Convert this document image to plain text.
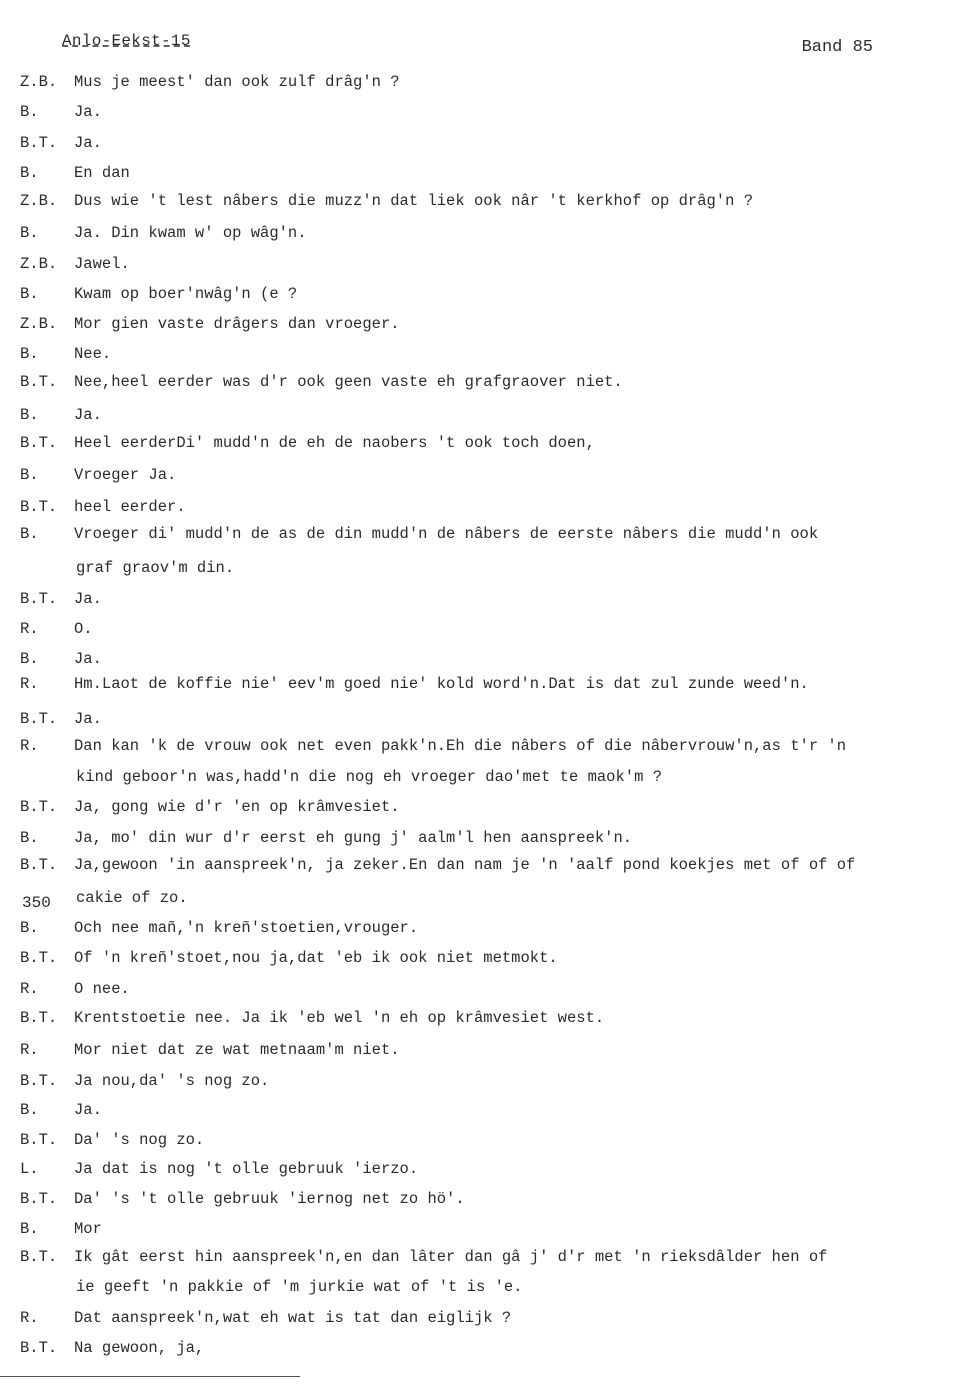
Anlo-Eekst-15	Band 85
350
Z.B.	Mus je meest' dan ook zulf drâg'n ?
B.	Ja.
B.T.	Ja.
B.	En dan
Z.B.	Dus wie 't lest nâbers die muzz'n dat liek ook nâr 't kerkhof op drâg'n ?
B.	Ja. Din kwam w' op wâg'n.
Z.B.	Jawel.
B.	Kwam op boer'nwâg'n (e ?
Z.B.	Mor gien vaste drâgers dan vroeger.
B.	Nee.
B.T.	Nee,heel eerder was d'r ook geen vaste eh grafgraover niet.
B.	Ja.
B.T.	Heel eerderDi' mudd'n de eh de naobers 't ook toch doen,
B.	Vroeger Ja.
B.T.	heel eerder.
B.	Vroeger di' mudd'n de as de din mudd'n de nâbers de eerste nâbers die mudd'n ook
graf graov'm din.
B.T.	Ja.
R.	O.
B.	Ja.
R.	Hm.Laot de koffie nie' eev'm goed nie' kold word'n.Dat is dat zul zunde weed'n.
B.T.	Ja.
R.	Dan kan 'k de vrouw ook net even pakk'n.Eh die nâbers of die nâbervrouw'n,as t'r 'n
kind geboor'n was,hadd'n die nog eh vroeger dao'met te maok'm ?
B.T.	Ja, gong wie d'r 'en op krâmvesiet.
B.	Ja, mo' din wur d'r eerst eh gung j' aalm'l hen aanspreek'n.
B.T.	Ja,gewoon 'in aanspreek'n, ja zeker.En dan nam je 'n 'aalf pond koekjes met of of of
cakie of zo.
B.	Och nee mañ,'n kreñ'stoetien,vrouger.
B.T.	Of 'n kreñ'stoet,nou ja,dat 'eb ik ook niet metmokt.
R.	O nee.
B.T.	Krentstoetie nee. Ja ik 'eb wel 'n eh op krâmvesiet west.
R.	Mor niet dat ze wat metnaam'm niet.
B.T.	Ja nou,da' 's nog zo.
B.	Ja.
B.T.	Da' 's nog zo.
L.	Ja dat is nog 't olle gebruuk 'ierzo.
B.T.	Da' 's 't olle gebruuk 'iernog net zo hö'.
B.	Mor
B.T.	Ik gât eerst hin aanspreek'n,en dan lâter dan gâ j' d'r met 'n rieksdâlder hen of
ie geeft 'n pakkie of 'm jurkie wat of 't is 'e.
R.	Dat aanspreek'n,wat eh wat is tat dan eiglijk ?
B.T.	Na gewoon, ja,
